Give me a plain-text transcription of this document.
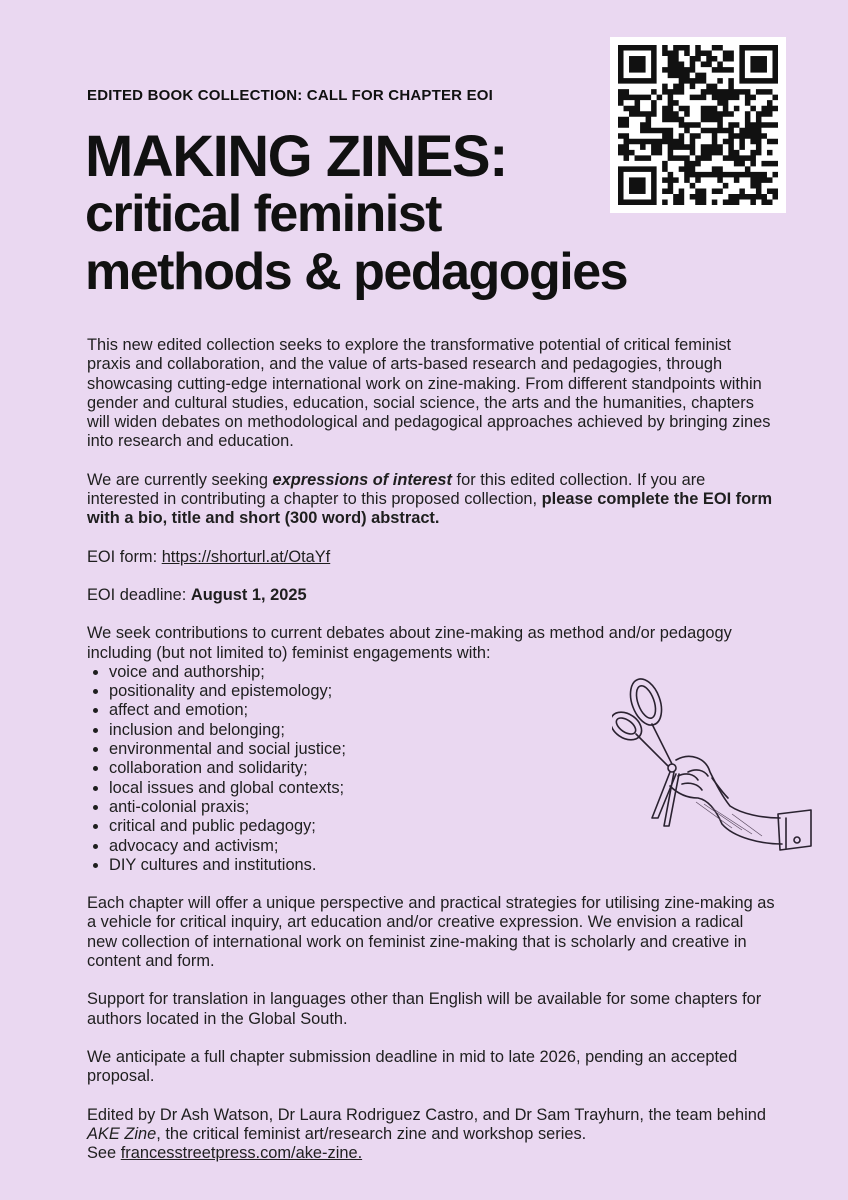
EDITED BOOK COLLECTION: CALL FOR CHAPTER EOI
MAKING ZINES:
critical feminist
methods & pedagogies

This new edited collection seeks to explore the transformative potential of critical feminist praxis and collaboration, and the value of arts-based research and pedagogies, through showcasing cutting-edge international work on zine-making. From different standpoints within gender and cultural studies, education, social science, the arts and the humanities, chapters will widen debates on methodological and pedagogical approaches achieved by bringing zines into research and education.

We are currently seeking expressions of interest for this edited collection. If you are interested in contributing a chapter to this proposed collection, please complete the EOI form with a bio, title and short (300 word) abstract.

EOI form: https://shorturl.at/OtaYf

EOI deadline: August 1, 2025

We seek contributions to current debates about zine-making as method and/or pedagogy including (but not limited to) feminist engagements with:

• voice and authorship;
• positionality and epistemology;
• affect and emotion;
• inclusion and belonging;
• environmental and social justice;
• collaboration and solidarity;
• local issues and global contexts;
• anti-colonial praxis;
• critical and public pedagogy;
• advocacy and activism;
• DIY cultures and institutions.

Each chapter will offer a unique perspective and practical strategies for utilising zine-making as a vehicle for critical inquiry, art education and/or creative expression. We envision a radical new collection of international work on feminist zine-making that is scholarly and creative in content and form.

Support for translation in languages other than English will be available for some chapters for authors located in the Global South.

We anticipate a full chapter submission deadline in mid to late 2026, pending an accepted proposal.

Edited by Dr Ash Watson, Dr Laura Rodriguez Castro, and Dr Sam Trayhurn, the team behind AKE Zine, the critical feminist art/research zine and workshop series.
See francesstreetpress.com/ake-zine.
